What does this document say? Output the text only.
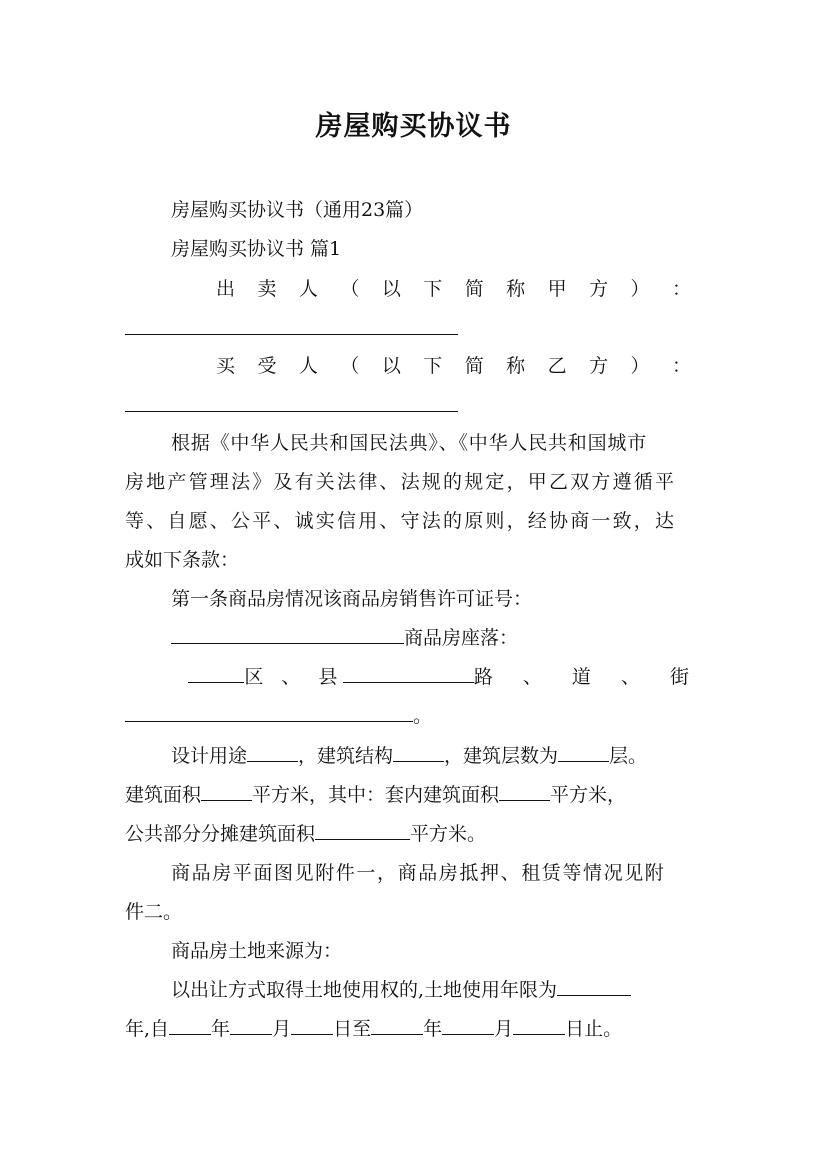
房屋购买协议书
房屋购买协议书（通用23篇）
房屋购买协议书 篇1
出 卖 人 （ 以 下 简 称 甲 方 ） ：
买 受 人 （ 以 下 简 称 乙 方 ） ：
根据《中华人民共和国民法典》、《中华人民共和国城市
房地产管理法》及有关法律、法规的规定，甲乙双方遵循平
等、自愿、公平、诚实信用、守法的原则，经协商一致，达
成如下条款：
第一条商品房情况该商品房销售许可证号：
商品房座落：
区 、 县	路 、 道 、 街
。
设计用途	，建筑结构	，建筑层数为	层。
建筑面积	平方米，其中：套内建筑面积	平方米，
公共部分分摊建筑面积	平方米。
商品房平面图见附件一，商品房抵押、租赁等情况见附
件二。
商品房土地来源为：
以出让方式取得土地使用权的,土地使用年限为
年,自 年 月 日至	年	月	日止。
